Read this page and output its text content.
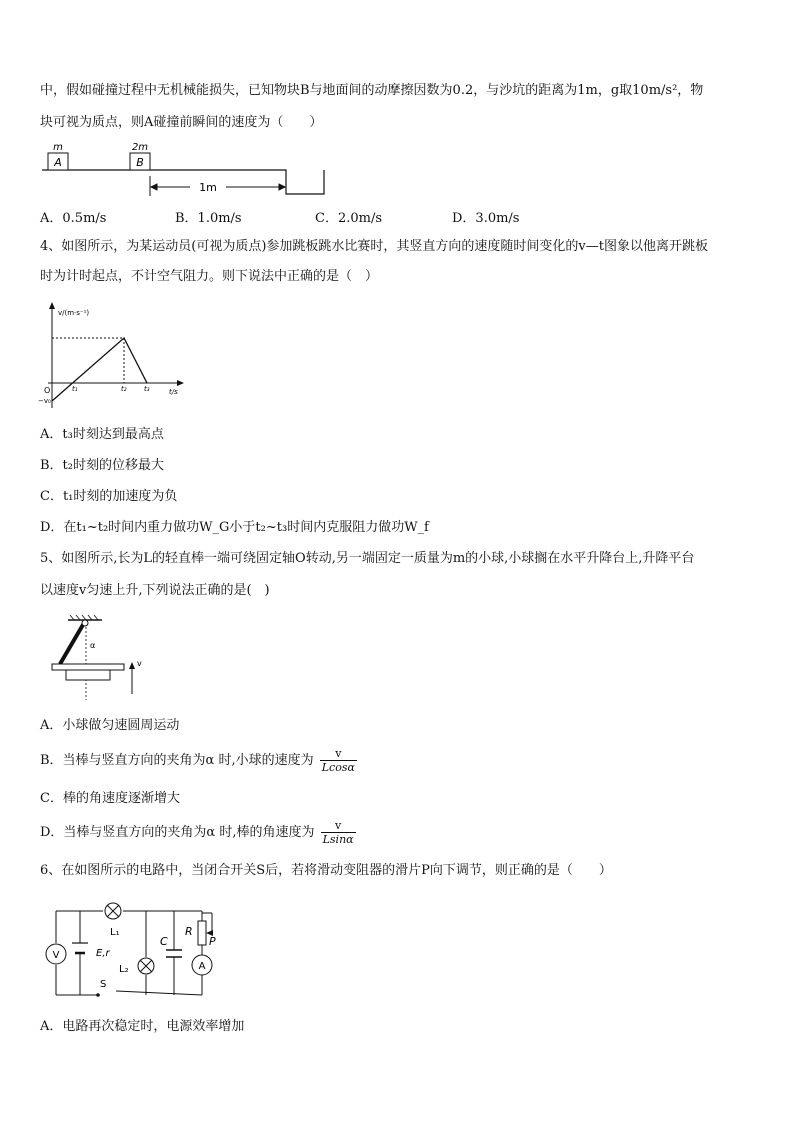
中，假如碰撞过程中无机械能损失，已知物块B与地面间的动摩擦因数为0.2，与沙坑的距离为1m，g取10m/s²，物
块可视为质点，则A碰撞前瞬间的速度为（　　）
A
m
B
2m
1m
A．0.5m/s	B．1.0m/s	C．2.0m/s	D．3.0m/s
4、如图所示，为某运动员(可视为质点)参加跳板跳水比赛时，其竖直方向的速度随时间变化的v—t图象以他离开跳板
时为计时起点，不计空气阻力。则下说法中正确的是（　）
v/(m·s⁻¹)
t/s
O
−v₀
t₁	t₂ t₃
A．t₃时刻达到最高点
B．t₂时刻的位移最大
C．t₁时刻的加速度为负
D．在t₁~t₂时间内重力做功W_G小于t₂~t₃时间内克服阻力做功W_f
5、如图所示,长为L的轻直棒一端可绕固定轴O转动,另一端固定一质量为m的小球,小球搁在水平升降台上,升降平台
以速度v匀速上升,下列说法正确的是(　)
α
v
A．小球做匀速圆周运动
B．当棒与竖直方向的夹角为α 时,小球的速度为 $\frac{v}{Lcos\alpha}$
C．棒的角速度逐渐增大
D．当棒与竖直方向的夹角为α 时,棒的角速度为 $\frac{v}{Lsin\alpha}$
6、在如图所示的电路中，当闭合开关S后，若将滑动变阻器的滑片P向下调节，则正确的是（　　）
V	E,r
L₁
L₂
S
C
R
P
A
A．电路再次稳定时，电源效率增加
